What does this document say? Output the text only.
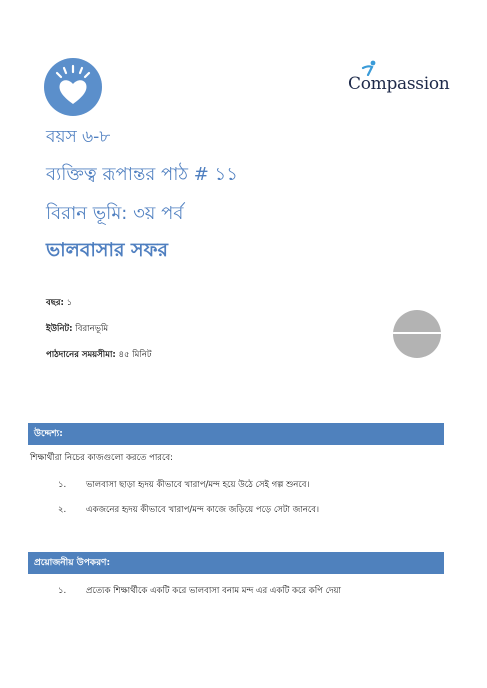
Compassion
বয়স ৬-৮
ব্যক্তিত্ব রূপান্তর পাঠ # ১১
বিরান ভূমি: ৩য় পর্ব
ভালবাসার সফর
বছর: ১
ইউনিট: বিরানভূমি
পাঠদানের সময়সীমা: ৪৫ মিনিট
উদ্দেশ্য:
শিক্ষার্থীরা নিচের কাজগুলো করতে পারবে:
১. ভালবাসা ছাড়া হৃদয় কীভাবে খারাপ/মন্দ হয়ে উঠে সেই গল্প শুনবে।
২. একজনের হৃদয় কীভাবে খারাপ/মন্দ কাজে জড়িয়ে পড়ে সেটা জানবে।
প্রয়োজনীয় উপকরণ:
১. প্রত্যেক শিক্ষার্থীকে একটি করে ভালবাসা বনাম মন্দ এর একটি করে কপি দেয়া
